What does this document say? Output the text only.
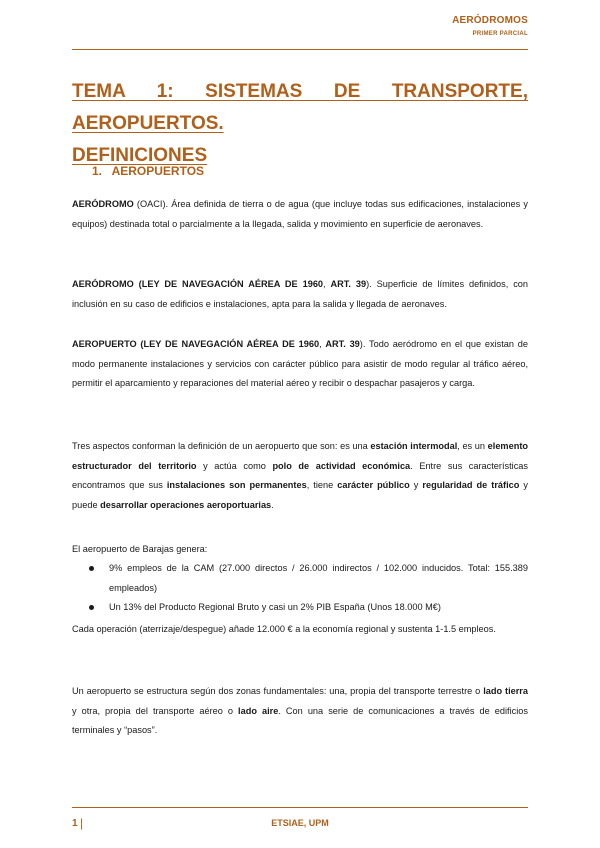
AERÓDROMOS
PRIMER PARCIAL
TEMA 1: SISTEMAS DE TRANSPORTE, AEROPUERTOS.
DEFINICIONES
1. AEROPUERTOS
AERÓDROMO (OACI). Área definida de tierra o de agua (que incluye todas sus edificaciones, instalaciones y equipos) destinada total o parcialmente a la llegada, salida y movimiento en superficie de aeronaves.
AERÓDROMO (LEY DE NAVEGACIÓN AÉREA DE 1960, ART. 39). Superficie de límites definidos, con inclusión en su caso de edificios e instalaciones, apta para la salida y llegada de aeronaves.
AEROPUERTO (LEY DE NAVEGACIÓN AÉREA DE 1960, ART. 39). Todo aeródromo en el que existan de modo permanente instalaciones y servicios con carácter público para asistir de modo regular al tráfico aéreo, permitir el aparcamiento y reparaciones del material aéreo y recibir o despachar pasajeros y carga.
Tres aspectos conforman la definición de un aeropuerto que son: es una estación intermodal, es un elemento estructurador del territorio y actúa como polo de actividad económica. Entre sus características encontramos que sus instalaciones son permanentes, tiene carácter público y regularidad de tráfico y puede desarrollar operaciones aeroportuarias.
El aeropuerto de Barajas genera:
9% empleos de la CAM (27.000 directos / 26.000 indirectos / 102.000 inducidos. Total: 155.389 empleados)
Un 13% del Producto Regional Bruto y casi un 2% PIB España (Unos 18.000 M€)
Cada operación (aterrizaje/despegue) añade 12.000 € a la economía regional y sustenta 1-1.5 empleos.
Un aeropuerto se estructura según dos zonas fundamentales: una, propia del transporte terrestre o lado tierra y otra, propia del transporte aéreo o lado aire. Con una serie de comunicaciones a través de edificios terminales y “pasos”.
1 |	ETSIAE, UPM
